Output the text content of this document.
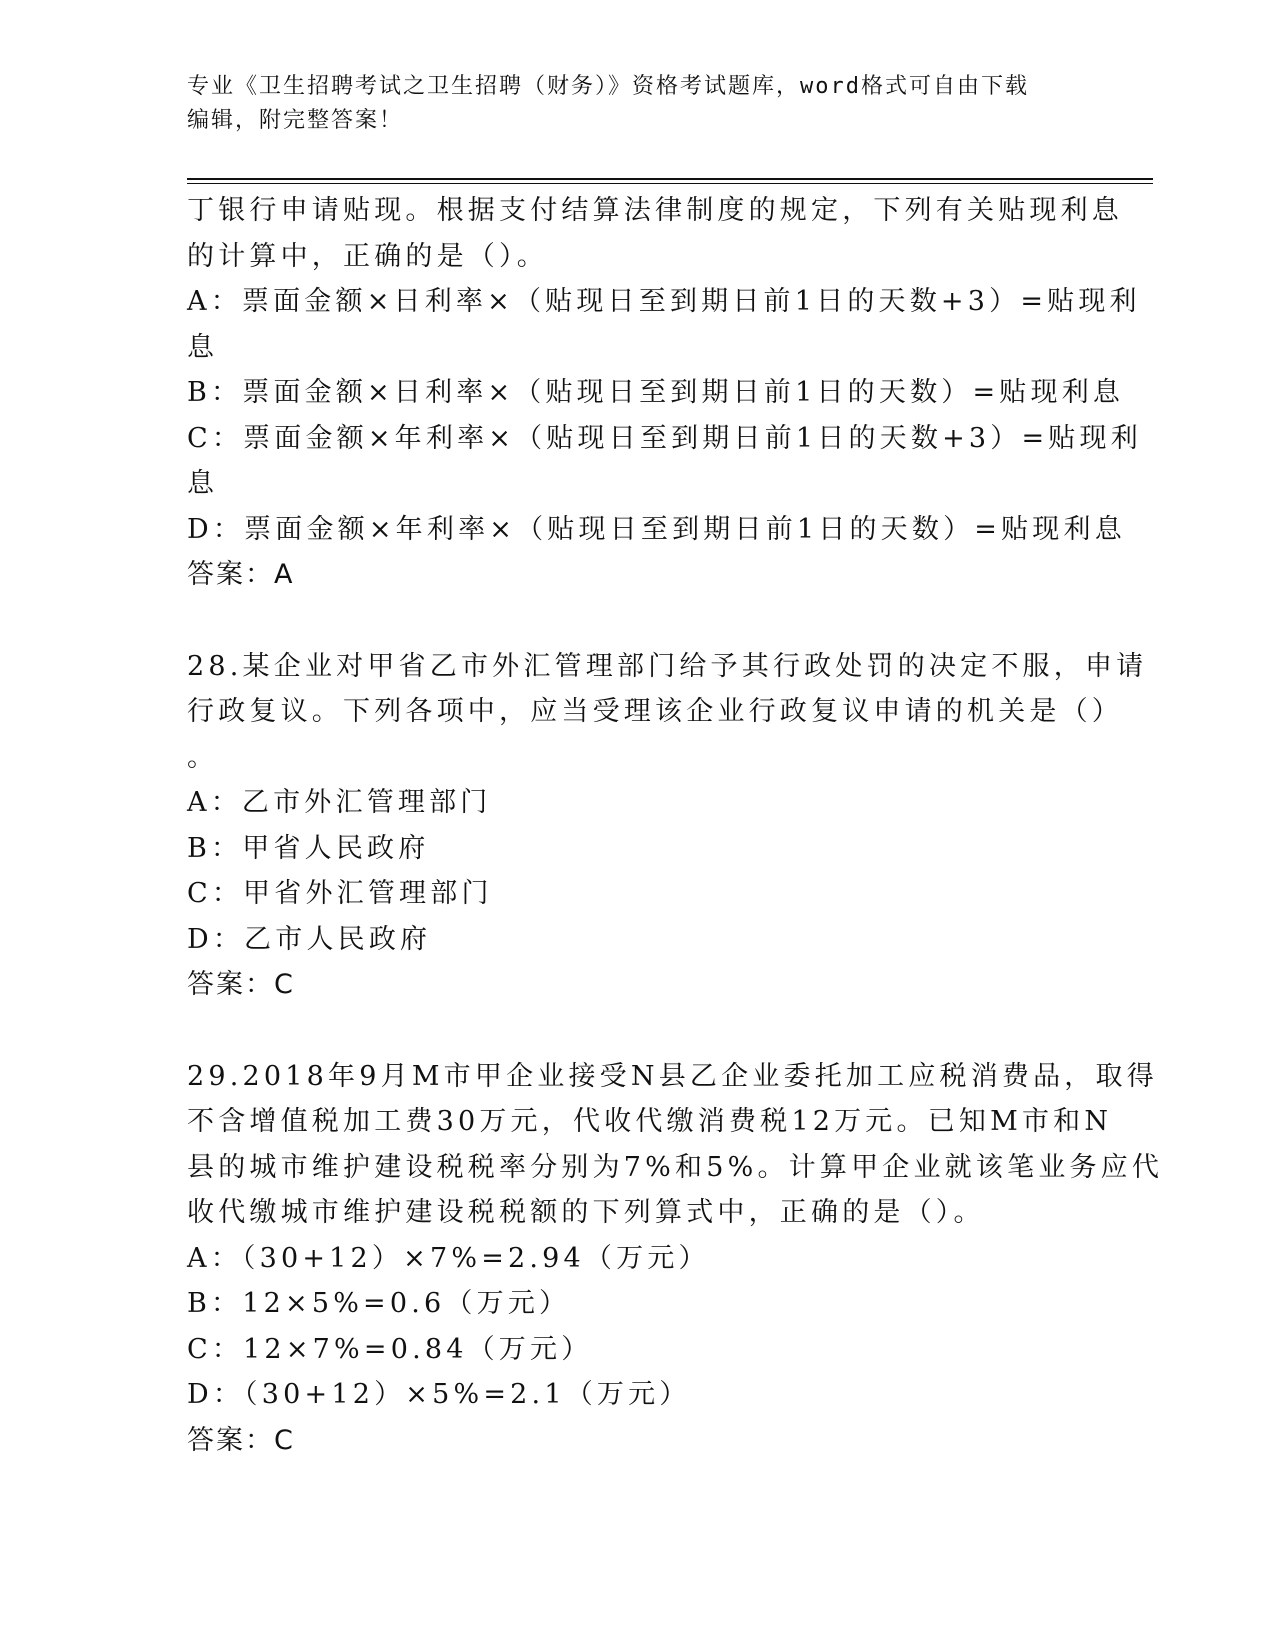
专业《卫生招聘考试之卫生招聘（财务）》资格考试题库，word格式可自由下载
编辑，附完整答案！
丁银行申请贴现。根据支付结算法律制度的规定，下列有关贴现利息
的计算中，正确的是（）。
A：票面金额×日利率×（贴现日至到期日前1日的天数+3）=贴现利
息
B：票面金额×日利率×（贴现日至到期日前1日的天数）=贴现利息
C：票面金额×年利率×（贴现日至到期日前1日的天数+3）=贴现利
息
D：票面金额×年利率×（贴现日至到期日前1日的天数）=贴现利息
答案：A
28.某企业对甲省乙市外汇管理部门给予其行政处罚的决定不服，申请
行政复议。下列各项中，应当受理该企业行政复议申请的机关是（）
。
A：乙市外汇管理部门
B：甲省人民政府
C：甲省外汇管理部门
D：乙市人民政府
答案：C
29.2018年9月M市甲企业接受N县乙企业委托加工应税消费品，取得
不含增值税加工费30万元，代收代缴消费税12万元。已知M市和N
县的城市维护建设税税率分别为7%和5%。计算甲企业就该笔业务应代
收代缴城市维护建设税税额的下列算式中，正确的是（）。
A：（30+12）×7%=2.94（万元）
B：12×5%=0.6（万元）
C：12×7%=0.84（万元）
D：（30+12）×5%=2.1（万元）
答案：C
